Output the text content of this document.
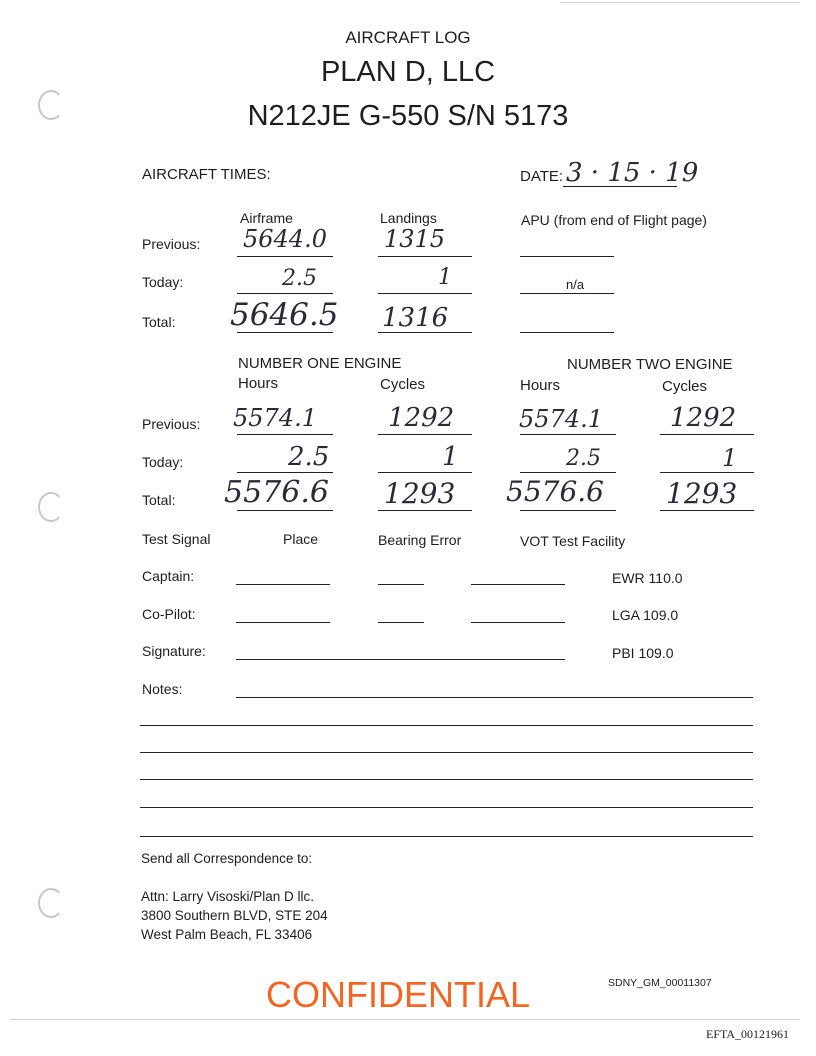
AIRCRAFT LOG
PLAN D, LLC
N212JE G-550 S/N 5173
AIRCRAFT TIMES:	DATE: 3 · 15 · 19
Airframe	Landings	APU (from end of Flight page)
Previous: 5644.0 1315
Today:	2.5	1	n/a
Total: 5646.5 1316
NUMBER ONE ENGINE	NUMBER TWO ENGINE
Hours	Cycles	Hours	Cycles
Previous: 5574.1	1292	5574.1	1292
Today:	2.5	1	2.5	1
Total: 5576.6 1293 5576.6 1293
Test Signal	Place	Bearing Error	VOT Test Facility
Captain:	EWR 110.0
Co-Pilot:	LGA 109.0
Signature:	PBI 109.0
Notes:
Send all Correspondence to:
Attn: Larry Visoski/Plan D llc.
3800 Southern BLVD, STE 204
West Palm Beach, FL 33406
CONFIDENTIAL	SDNY_GM_00011307
EFTA_00121961
